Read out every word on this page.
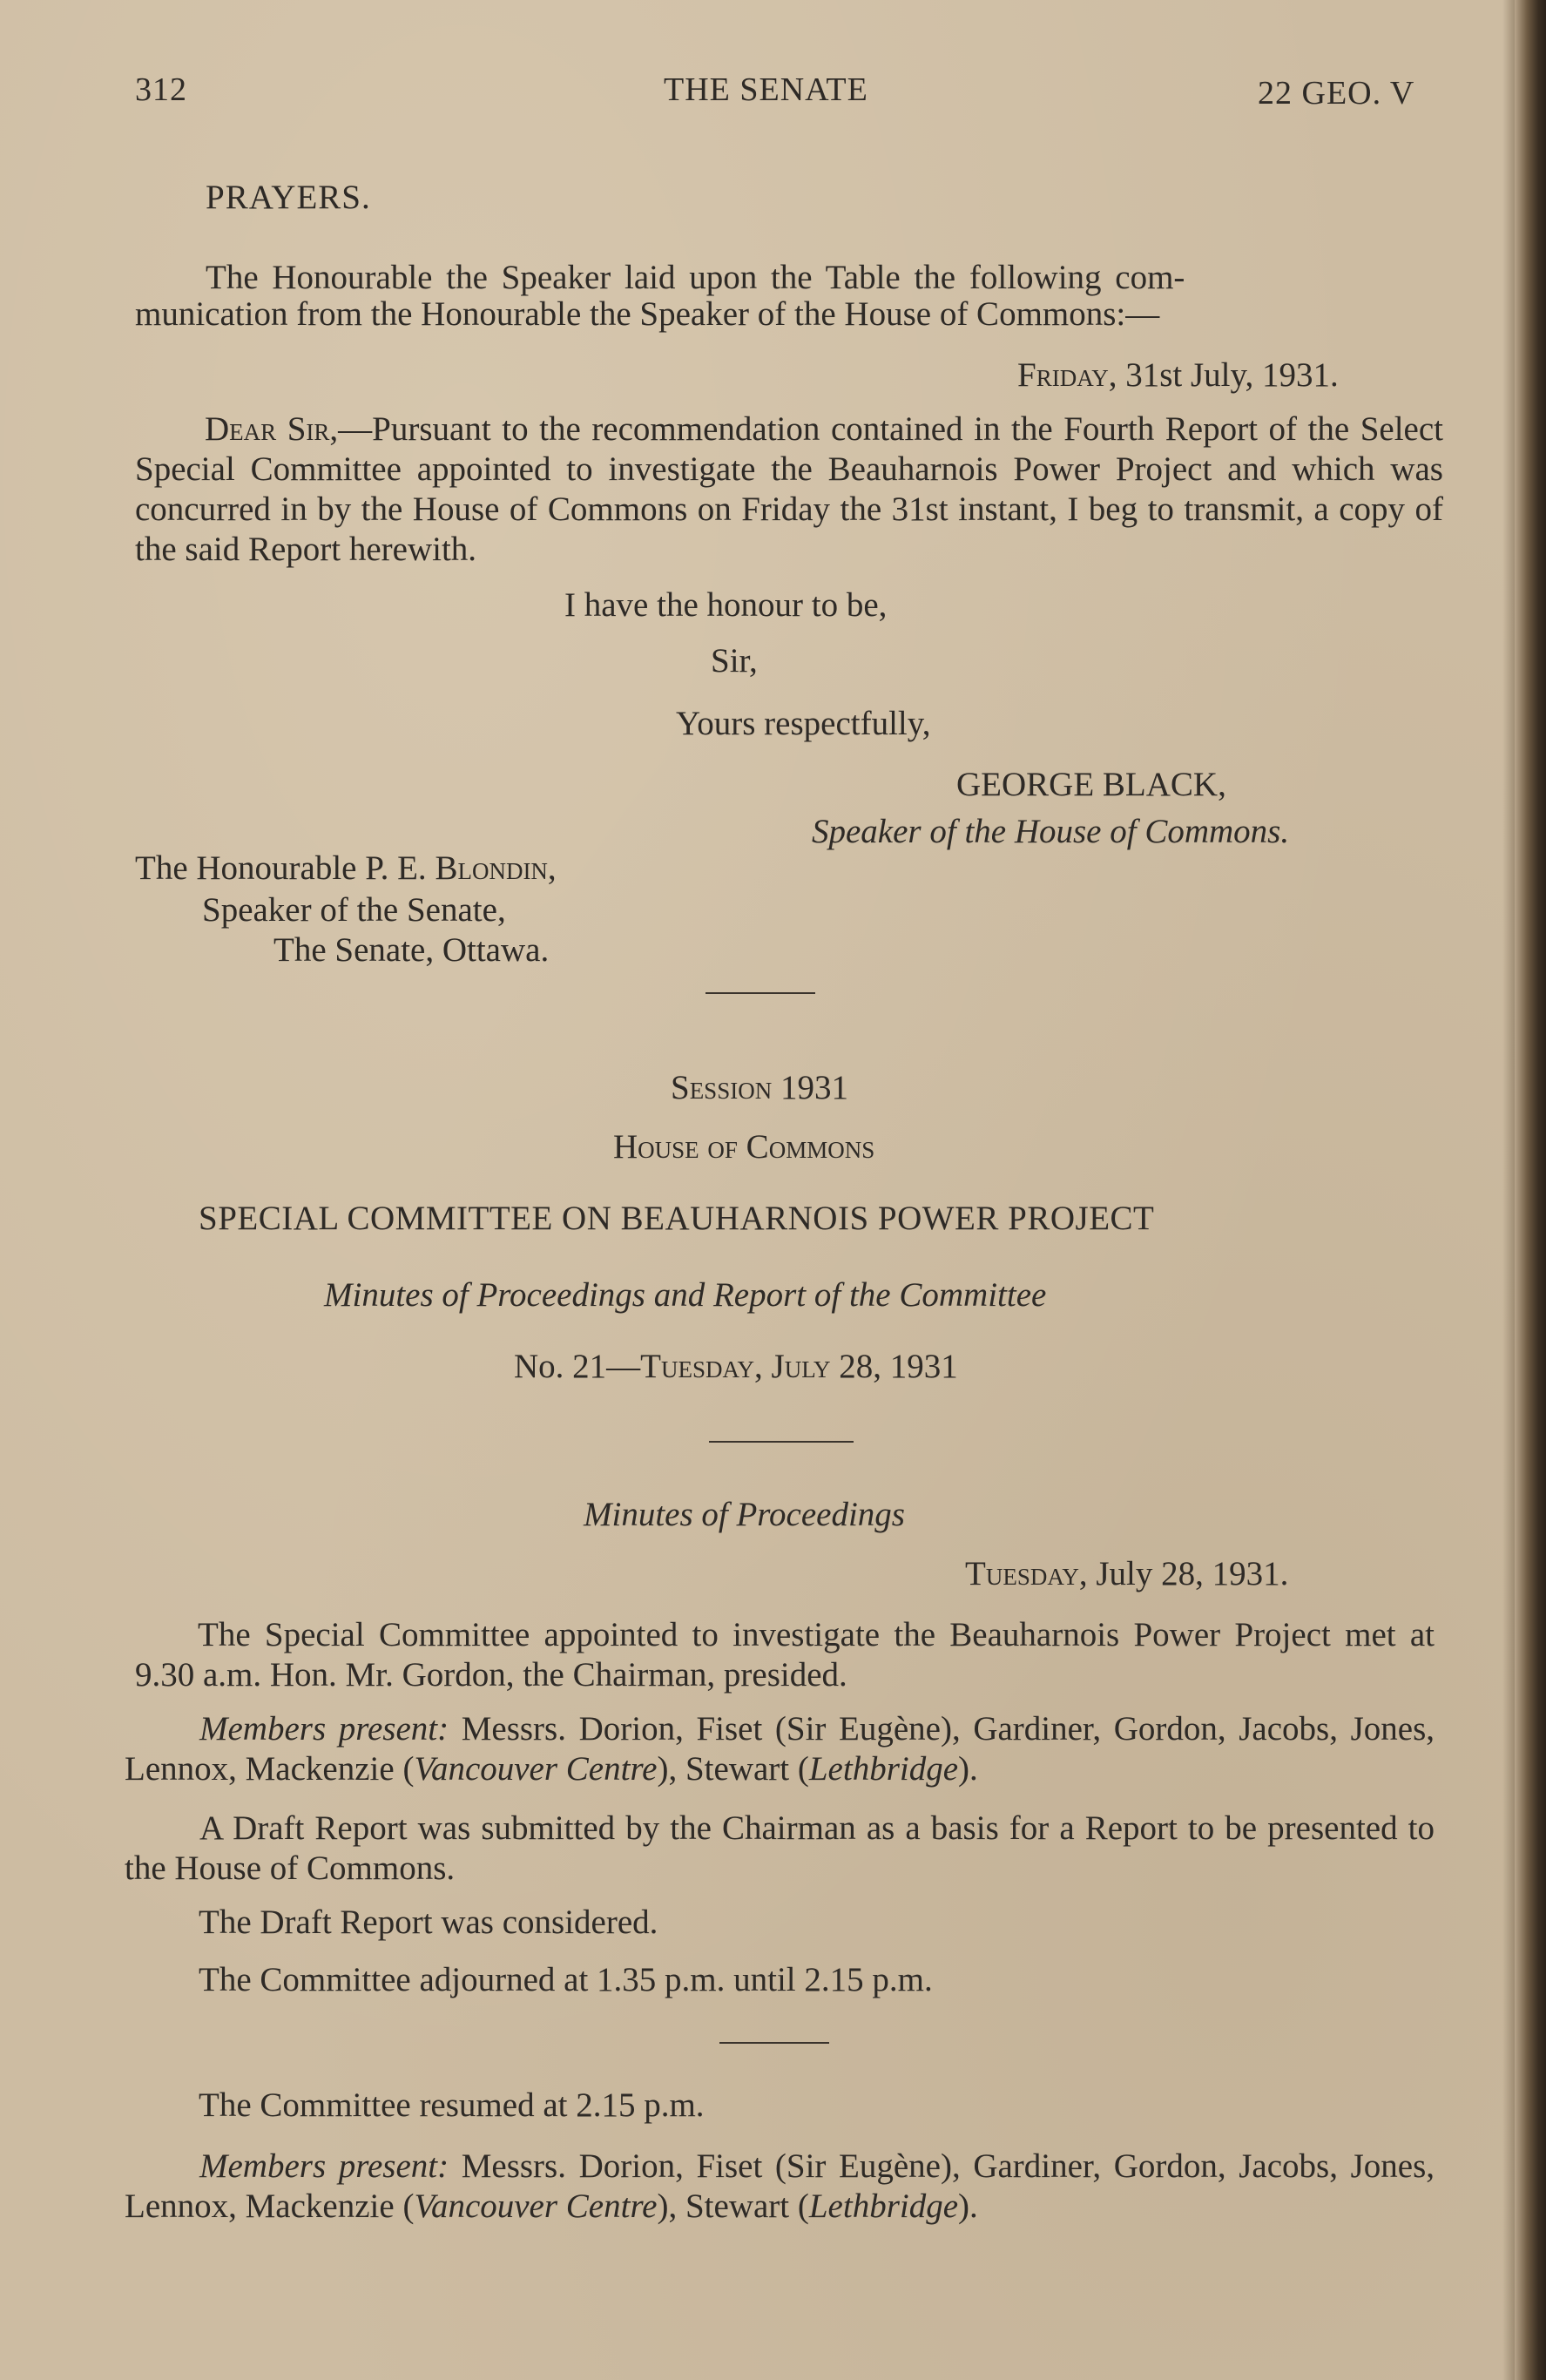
312	THE SENATE	22 GEO. V
PRAYERS.
The Honourable the Speaker laid upon the Table the following com-
munication from the Honourable the Speaker of the House of Commons:—
Friday, 31st July, 1931.
Dear Sir,—Pursuant to the recommendation contained in the Fourth Report of the Select Special Committee appointed to investigate the Beauharnois Power Project and which was concurred in by the House of Commons on Friday the 31st instant, I beg to transmit, a copy of the said Report herewith.
I have the honour to be,
Sir,
Yours respectfully,
GEORGE BLACK,
Speaker of the House of Commons.
The Honourable P. E. Blondin,
Speaker of the Senate,
The Senate, Ottawa.
Session 1931
House of Commons
SPECIAL COMMITTEE ON BEAUHARNOIS POWER PROJECT
Minutes of Proceedings and Report of the Committee
No. 21—Tuesday, July 28, 1931
Minutes of Proceedings
Tuesday, July 28, 1931.
The Special Committee appointed to investigate the Beauharnois Power Project met at 9.30 a.m. Hon. Mr. Gordon, the Chairman, presided.
Members present: Messrs. Dorion, Fiset (Sir Eugène), Gardiner, Gordon, Jacobs, Jones, Lennox, Mackenzie (Vancouver Centre), Stewart (Lethbridge).
A Draft Report was submitted by the Chairman as a basis for a Report to be presented to the House of Commons.
The Draft Report was considered.
The Committee adjourned at 1.35 p.m. until 2.15 p.m.
The Committee resumed at 2.15 p.m.
Members present: Messrs. Dorion, Fiset (Sir Eugène), Gardiner, Gordon, Jacobs, Jones, Lennox, Mackenzie (Vancouver Centre), Stewart (Lethbridge).
